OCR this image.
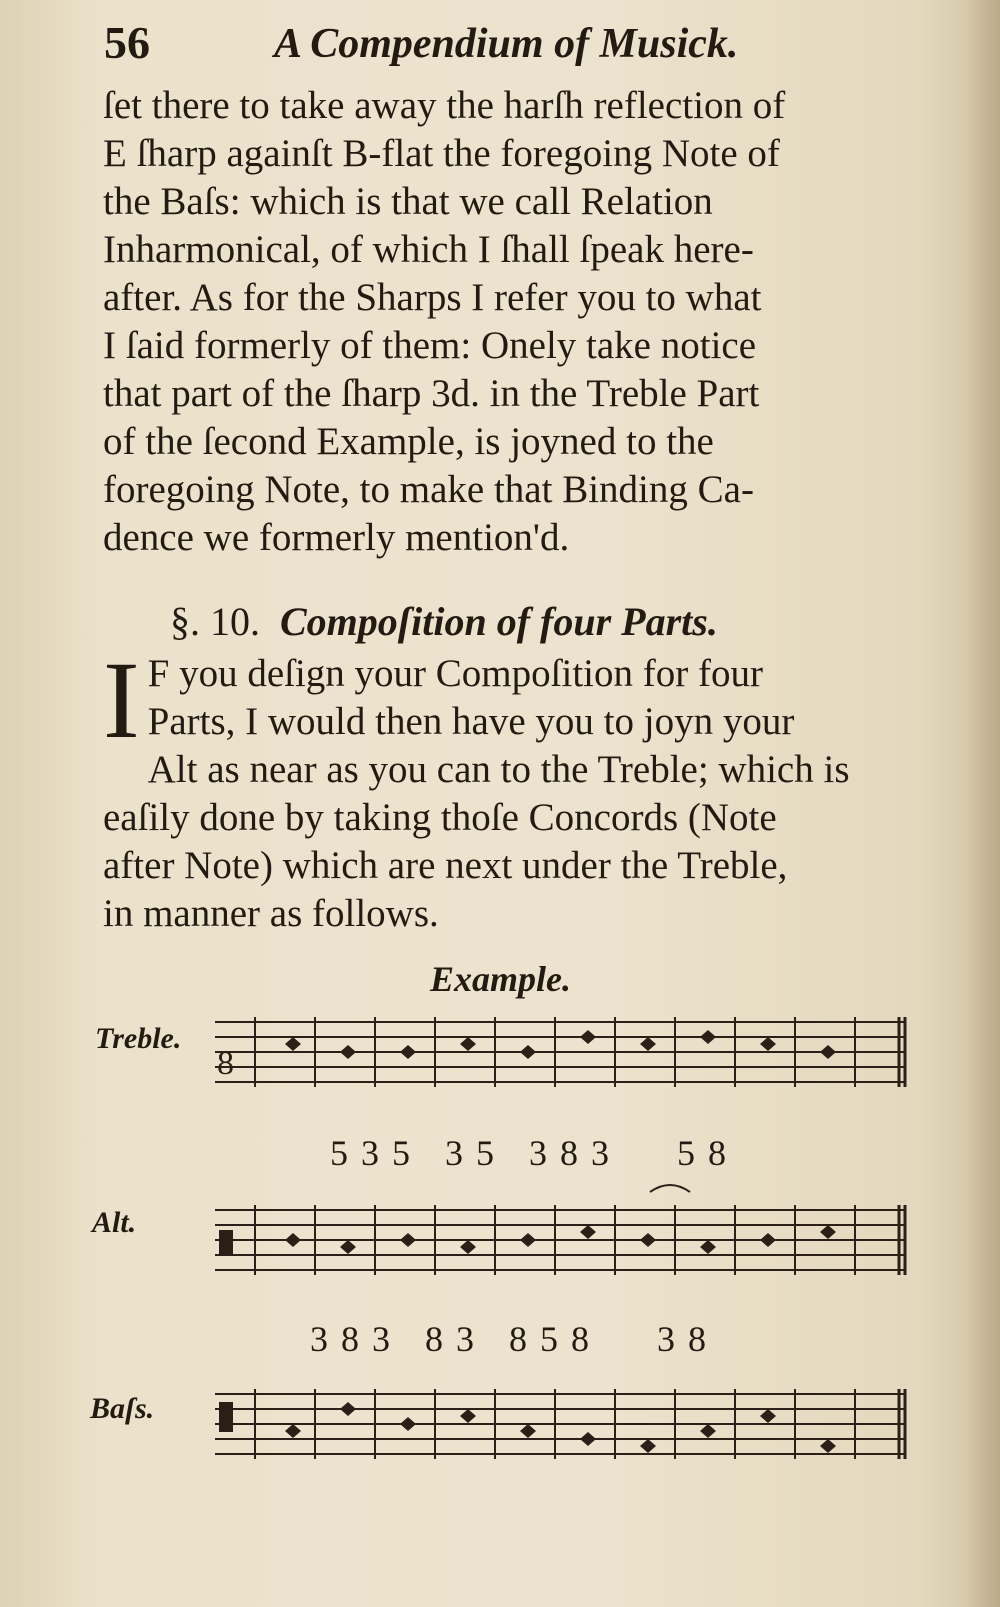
56	A Compendium of Musick.
ſet there to take away the harſh reflection of
E ſharp againſt B-flat the foregoing Note of
the Baſs: which is that we call Relation
Inharmonical, of which I ſhall ſpeak here-
after. As for the Sharps I refer you to what
I ſaid formerly of them: Onely take notice
that part of the ſharp 3d. in the Treble Part
of the ſecond Example, is joyned to the
foregoing Note, to make that Binding Ca-
dence we formerly mention'd.
§. 10. Compoſition of four Parts.
I F you deſign your Compoſition for four
Parts, I would then have you to joyn your
Alt as near as you can to the Treble; which is
eaſily done by taking thoſe Concords (Note
after Note) which are next under the Treble,
in manner as follows.
Example.
Treble.
8
5 3 5   3 5   3 8 3      5 8
Alt.
3 8 3   8 3   8 5 8      3 8
Baſs.
